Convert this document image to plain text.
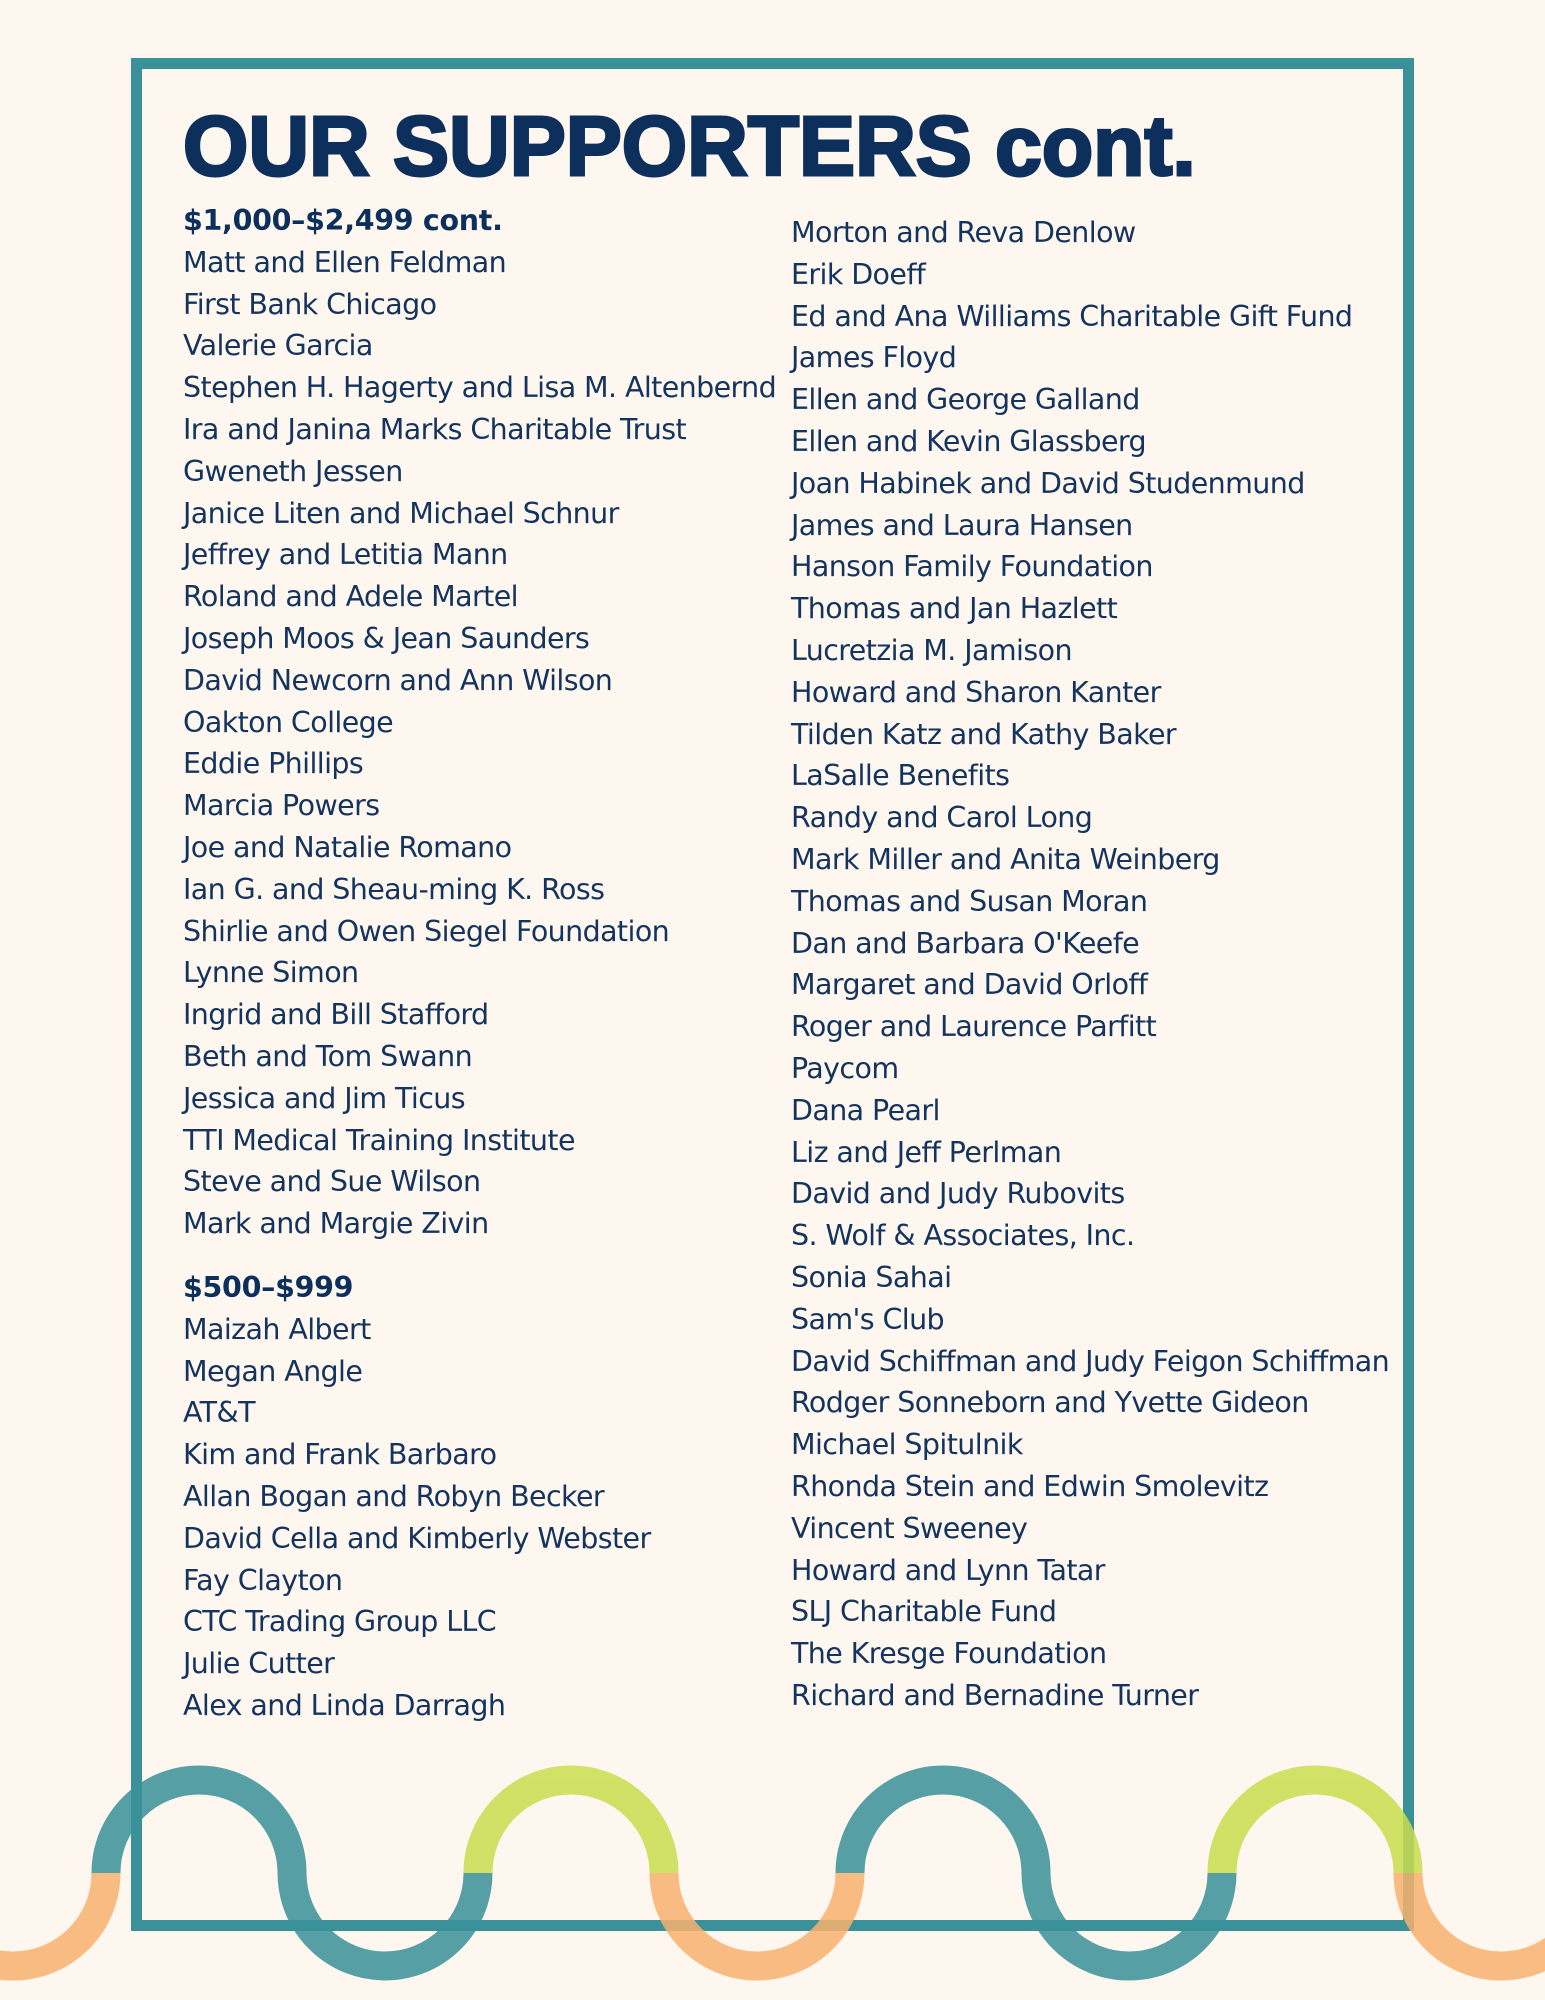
OUR SUPPORTERS cont.
$1,000–$2,499 cont.
Matt and Ellen Feldman
First Bank Chicago
Valerie Garcia
Stephen H. Hagerty and Lisa M. Altenbernd
Ira and Janina Marks Charitable Trust
Gweneth Jessen
Janice Liten and Michael Schnur
Jeffrey and Letitia Mann
Roland and Adele Martel
Joseph Moos & Jean Saunders
David Newcorn and Ann Wilson
Oakton College
Eddie Phillips
Marcia Powers
Joe and Natalie Romano
Ian G. and Sheau-ming K. Ross
Shirlie and Owen Siegel Foundation
Lynne Simon
Ingrid and Bill Stafford
Beth and Tom Swann
Jessica and Jim Ticus
TTI Medical Training Institute
Steve and Sue Wilson
Mark and Margie Zivin
$500–$999
Maizah Albert
Megan Angle
AT&T
Kim and Frank Barbaro
Allan Bogan and Robyn Becker
David Cella and Kimberly Webster
Fay Clayton
CTC Trading Group LLC
Julie Cutter
Alex and Linda Darragh
Morton and Reva Denlow
Erik Doeff
Ed and Ana Williams Charitable Gift Fund
James Floyd
Ellen and George Galland
Ellen and Kevin Glassberg
Joan Habinek and David Studenmund
James and Laura Hansen
Hanson Family Foundation
Thomas and Jan Hazlett
Lucretzia M. Jamison
Howard and Sharon Kanter
Tilden Katz and Kathy Baker
LaSalle Benefits
Randy and Carol Long
Mark Miller and Anita Weinberg
Thomas and Susan Moran
Dan and Barbara O'Keefe
Margaret and David Orloff
Roger and Laurence Parfitt
Paycom
Dana Pearl
Liz and Jeff Perlman
David and Judy Rubovits
S. Wolf & Associates, Inc.
Sonia Sahai
Sam's Club
David Schiffman and Judy Feigon Schiffman
Rodger Sonneborn and Yvette Gideon
Michael Spitulnik
Rhonda Stein and Edwin Smolevitz
Vincent Sweeney
Howard and Lynn Tatar
SLJ Charitable Fund
The Kresge Foundation
Richard and Bernadine Turner
